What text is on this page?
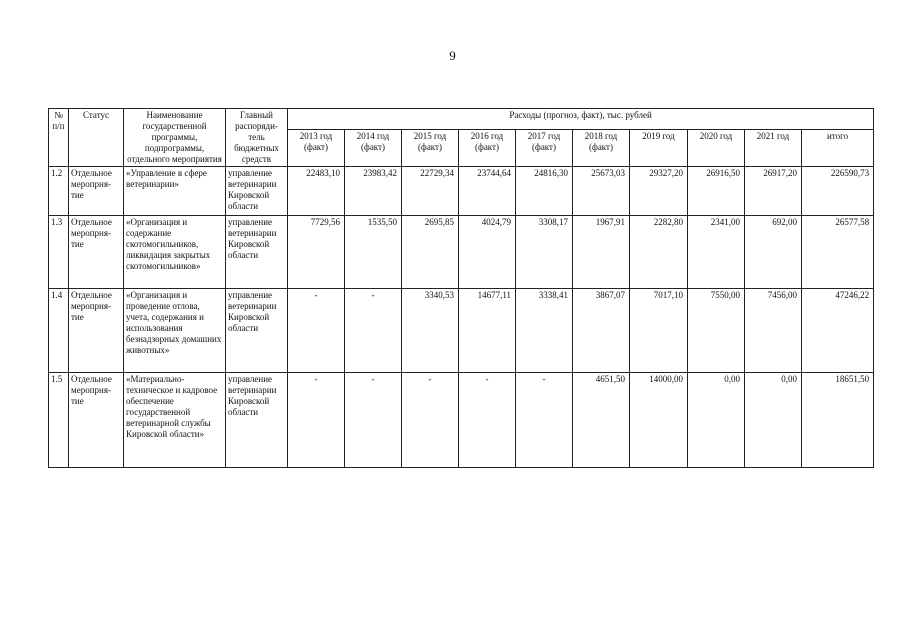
9
№ п/п	Статус	Наименование государственной программы, подпрограммы, отдельного мероприятия	Главный распоряди-тель бюджетных средств	Расходы (прогноз, факт), тыс. рублей									
				2013 год (факт)	2014 год (факт)	2015 год (факт)	2016 год (факт)	2017 год (факт)	2018 год (факт)	2019 год	2020 год	2021 год	итого
1.2	Отдельное меропрня-тие	«Управление в сфере ветеринарии»	управление ветеринарии Кировской области	22483,10	23983,42	22729,34	23744,64	24816,30	25673,03	29327,20	26916,50	26917,20	226590,73
1.3	Отдельное меропрня-тие	«Организация и содержание скотомогильников, ликвидация закрытых скотомогильников»	управление ветеринарии Кировской области	7729,56	1535,50	2695,85	4024,79	3308,17	1967,91	2282,80	2341,00	692,00	26577,58
1.4	Отдельное меропрня-тие	«Организация и проведение отлова, учета, содержания и использования безнадзорных домашних животных»	управление ветеринарии Кировской области	-	-	3340,53	14677,11	3338,41	3867,07	7017,10	7550,00	7456,00	47246,22
1.5	Отдельное меропрня-тие	«Материально-техническое и кадровое обеспечение государственной ветеринарной службы Кировской области»	управление ветеринарии Кировской области	-	-	-	-	-	4651,50	14000,00	0,00	0,00	18651,50
